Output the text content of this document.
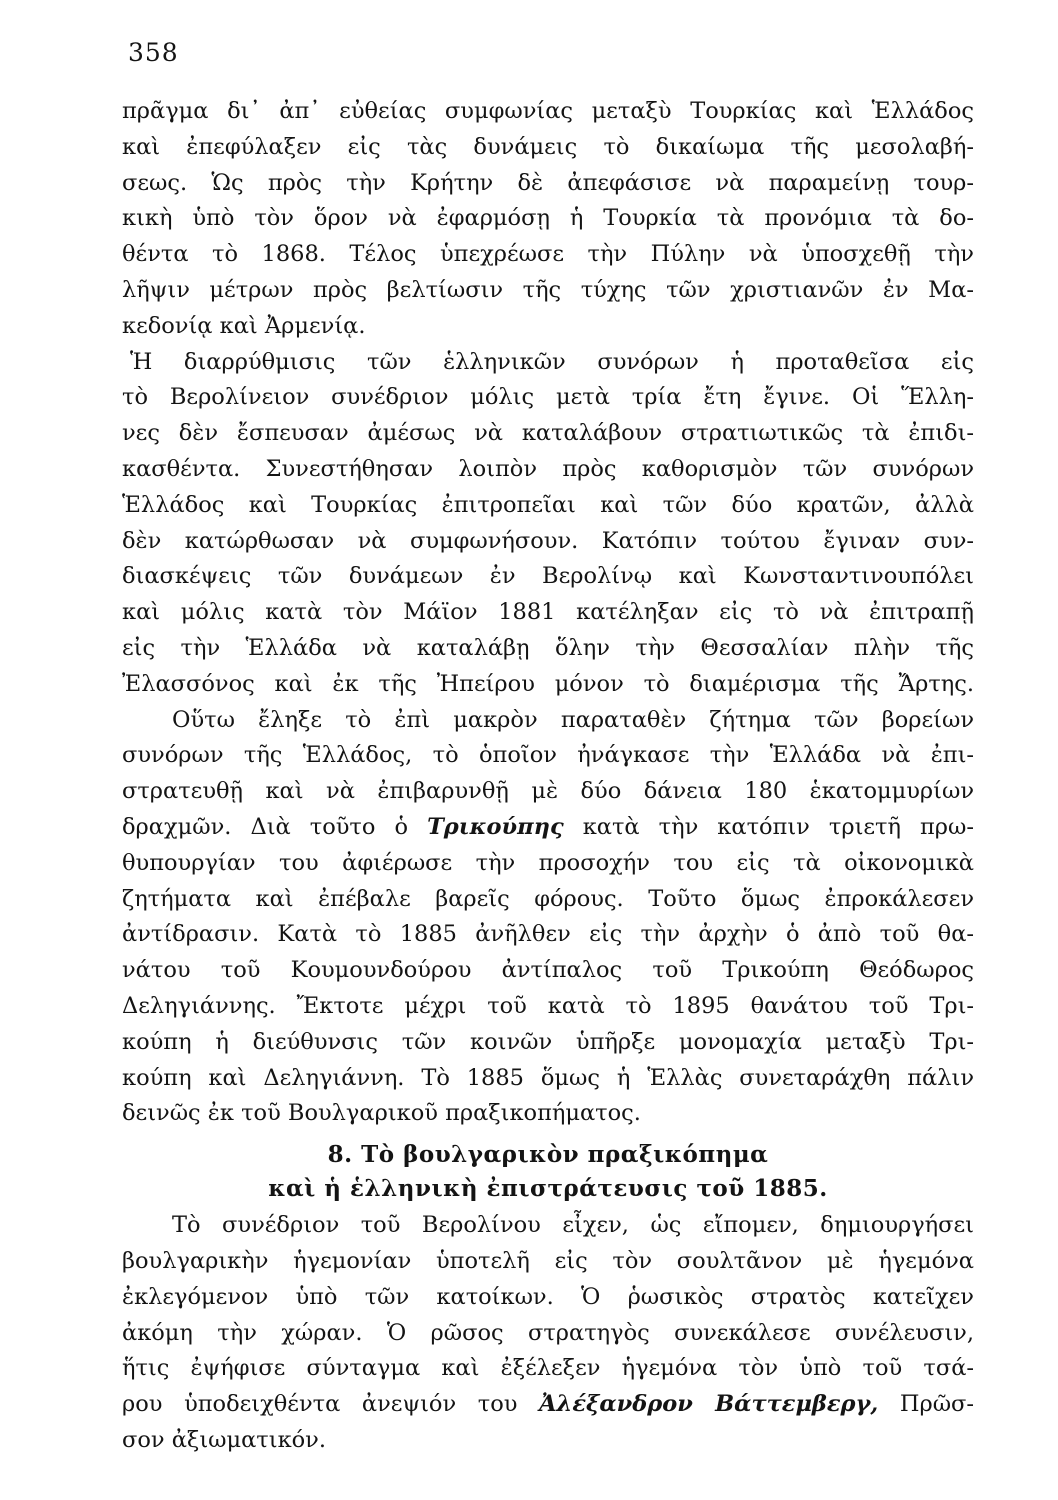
358
πρᾶγμα δι᾽ ἀπ᾽ εὐθείας συμφωνίας μεταξὺ Τουρκίας καὶ Ἑλλάδος
καὶ ἐπεφύλαξεν εἰς τὰς δυνάμεις τὸ δικαίωμα τῆς μεσολαβή-
σεως. Ὡς πρὸς τὴν Κρήτην δὲ ἀπεφάσισε νὰ παραμείνῃ τουρ-
κικὴ ὑπὸ τὸν ὅρον νὰ ἐφαρμόσῃ ἡ Τουρκία τὰ προνόμια τὰ δο-
θέντα τὸ 1868. Τέλος ὑπεχρέωσε τὴν Πύλην νὰ ὑποσχεθῇ τὴν
λῆψιν μέτρων πρὸς βελτίωσιν τῆς τύχης τῶν χριστιανῶν ἐν Μα-
κεδονίᾳ καὶ Ἀρμενίᾳ.
Ἡ διαρρύθμισις τῶν ἑλληνικῶν συνόρων ἡ προταθεῖσα εἰς
τὸ Βερολίνειον συνέδριον μόλις μετὰ τρία ἔτη ἔγινε. Οἱ Ἕλλη-
νες δὲν ἔσπευσαν ἀμέσως νὰ καταλάβουν στρατιωτικῶς τὰ ἐπιδι-
κασθέντα. Συνεστήθησαν λοιπὸν πρὸς καθορισμὸν τῶν συνόρων
Ἑλλάδος καὶ Τουρκίας ἐπιτροπεῖαι καὶ τῶν δύο κρατῶν, ἀλλὰ
δὲν κατώρθωσαν νὰ συμφωνήσουν. Κατόπιν τούτου ἔγιναν συν-
διασκέψεις τῶν δυνάμεων ἐν Βερολίνῳ καὶ Κωνσταντινουπόλει
καὶ μόλις κατὰ τὸν Μάϊον 1881 κατέληξαν εἰς τὸ νὰ ἐπιτραπῇ
εἰς τὴν Ἑλλάδα νὰ καταλάβῃ ὅλην τὴν Θεσσαλίαν πλὴν τῆς
Ἐλασσόνος καὶ ἐκ τῆς Ἠπείρου μόνον τὸ διαμέρισμα τῆς Ἄρτης.
Οὕτω ἔληξε τὸ ἐπὶ μακρὸν παραταθὲν ζήτημα τῶν βορείων
συνόρων τῆς Ἑλλάδος, τὸ ὁποῖον ἠνάγκασε τὴν Ἑλλάδα νὰ ἐπι-
στρατευθῇ καὶ νὰ ἐπιβαρυνθῇ μὲ δύο δάνεια 180 ἑκατομμυρίων
δραχμῶν. Διὰ τοῦτο ὁ Τρικούπης κατὰ τὴν κατόπιν τριετῆ πρω-
θυπουργίαν του ἀφιέρωσε τὴν προσοχήν του εἰς τὰ οἰκονομικὰ
ζητήματα καὶ ἐπέβαλε βαρεῖς φόρους. Τοῦτο ὅμως ἐπροκάλεσεν
ἀντίδρασιν. Κατὰ τὸ 1885 ἀνῆλθεν εἰς τὴν ἀρχὴν ὁ ἀπὸ τοῦ θα-
νάτου τοῦ Κουμουνδούρου ἀντίπαλος τοῦ Τρικούπη Θεόδωρος
Δεληγιάννης. Ἔκτοτε μέχρι τοῦ κατὰ τὸ 1895 θανάτου τοῦ Τρι-
κούπη ἡ διεύθυνσις τῶν κοινῶν ὑπῆρξε μονομαχία μεταξὺ Τρι-
κούπη καὶ Δεληγιάννη. Τὸ 1885 ὅμως ἡ Ἑλλὰς συνεταράχθη πάλιν
δεινῶς ἐκ τοῦ Βουλγαρικοῦ πραξικοπήματος.
8. Τὸ βουλγαρικὸν πραξικόπημα
καὶ ἡ ἑλληνικὴ ἐπιστράτευσις τοῦ 1885.
Τὸ συνέδριον τοῦ Βερολίνου εἶχεν, ὡς εἴπομεν, δημιουργήσει
βουλγαρικὴν ἡγεμονίαν ὑποτελῆ εἰς τὸν σουλτᾶνον μὲ ἡγεμόνα
ἐκλεγόμενον ὑπὸ τῶν κατοίκων. Ὁ ῥωσικὸς στρατὸς κατεῖχεν
ἀκόμη τὴν χώραν. Ὁ ρῶσος στρατηγὸς συνεκάλεσε συνέλευσιν,
ἥτις ἐψήφισε σύνταγμα καὶ ἐξέλεξεν ἡγεμόνα τὸν ὑπὸ τοῦ τσά-
ρου ὑποδειχθέντα ἀνεψιόν του Ἀλέξανδρον Βάττεμβεργ, Πρῶσ-
σον ἀξιωματικόν.
